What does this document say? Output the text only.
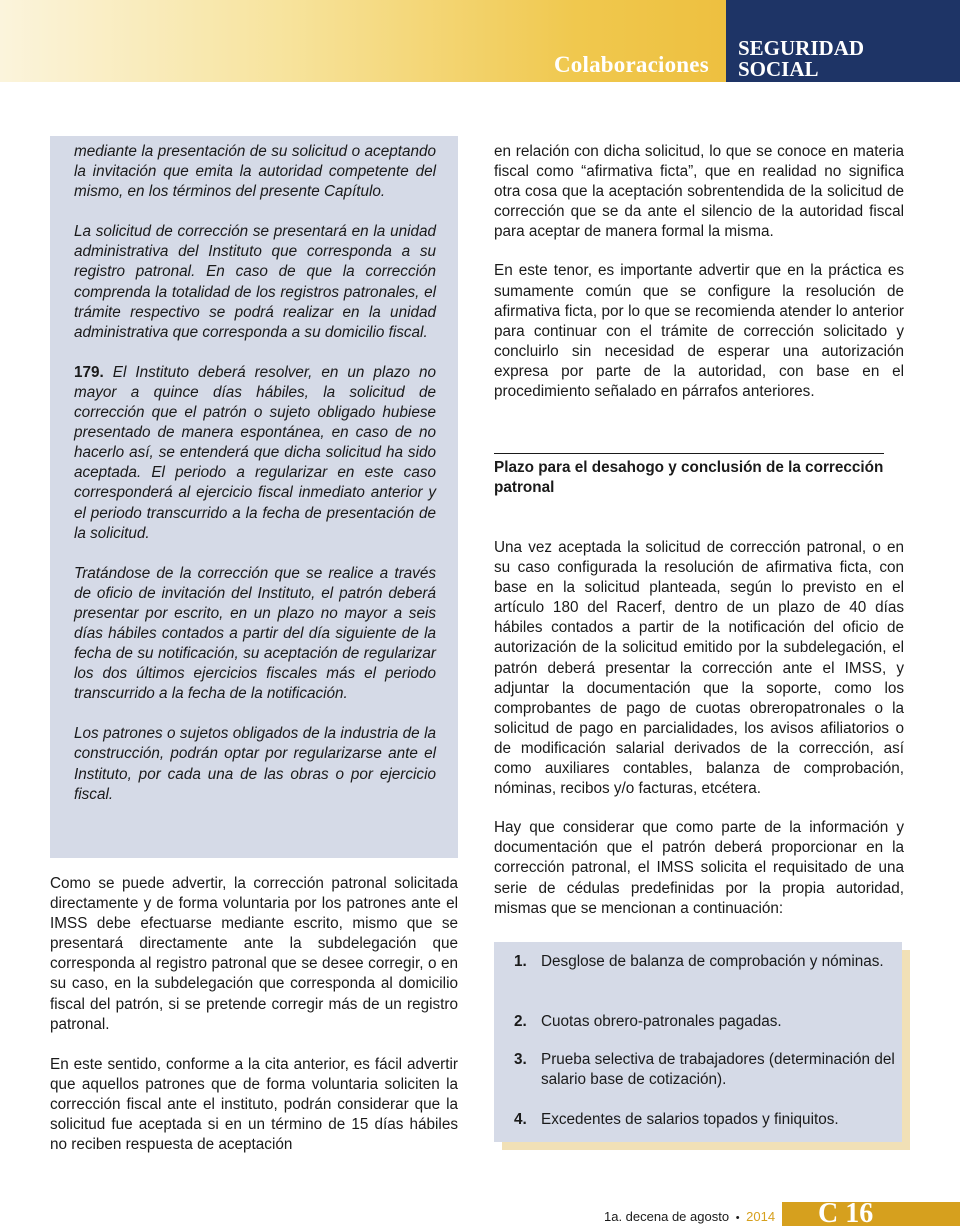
Colaboraciones
SEGURIDAD
SOCIAL

mediante la presentación de su solicitud o aceptando la invitación que emita la autoridad competente del mismo, en los términos del presente Capítulo.

La solicitud de corrección se presentará en la unidad administrativa del Instituto que corresponda a su registro patronal. En caso de que la corrección comprenda la totalidad de los registros patronales, el trámite respectivo se podrá realizar en la unidad administrativa que corresponda a su domicilio fiscal.

179. El Instituto deberá resolver, en un plazo no mayor a quince días hábiles, la solicitud de corrección que el patrón o sujeto obligado hubiese presentado de manera espontánea, en caso de no hacerlo así, se entenderá que dicha solicitud ha sido aceptada. El periodo a regularizar en este caso corresponderá al ejercicio fiscal inmediato anterior y el periodo transcurrido a la fecha de presentación de la solicitud.

Tratándose de la corrección que se realice a través de oficio de invitación del Instituto, el patrón deberá presentar por escrito, en un plazo no mayor a seis días hábiles contados a partir del día siguiente de la fecha de su notificación, su aceptación de regularizar los dos últimos ejercicios fiscales más el periodo transcurrido a la fecha de la notificación.

Los patrones o sujetos obligados de la industria de la construcción, podrán optar por regularizarse ante el Instituto, por cada una de las obras o por ejercicio fiscal.

Como se puede advertir, la corrección patronal solicitada directamente y de forma voluntaria por los patrones ante el IMSS debe efectuarse mediante escrito, mismo que se presentará directamente ante la subdelegación que corresponda al registro patronal que se desee corregir, o en su caso, en la subdelegación que corresponda al domicilio fiscal del patrón, si se pretende corregir más de un registro patronal.

En este sentido, conforme a la cita anterior, es fácil advertir que aquellos patrones que de forma voluntaria soliciten la corrección fiscal ante el instituto, podrán considerar que la solicitud fue aceptada si en un término de 15 días hábiles no reciben respuesta de aceptación

en relación con dicha solicitud, lo que se conoce en materia fiscal como “afirmativa ficta”, que en realidad no significa otra cosa que la aceptación sobrentendida de la solicitud de corrección que se da ante el silencio de la autoridad fiscal para aceptar de manera formal la misma.

En este tenor, es importante advertir que en la práctica es sumamente común que se configure la resolución de afirmativa ficta, por lo que se recomienda atender lo anterior para continuar con el trámite de corrección solicitado y concluirlo sin necesidad de esperar una autorización expresa por parte de la autoridad, con base en el procedimiento señalado en párrafos anteriores.

Plazo para el desahogo y conclusión de la corrección patronal

Una vez aceptada la solicitud de corrección patronal, o en su caso configurada la resolución de afirmativa ficta, con base en la solicitud planteada, según lo previsto en el artículo 180 del Racerf, dentro de un plazo de 40 días hábiles contados a partir de la notificación del oficio de autorización de la solicitud emitido por la subdelegación, el patrón deberá presentar la corrección ante el IMSS, y adjuntar la documentación que la soporte, como los comprobantes de pago de cuotas obreropatronales o la solicitud de pago en parcialidades, los avisos afiliatorios o de modificación salarial derivados de la corrección, así como auxiliares contables, balanza de comprobación, nóminas, recibos y/o facturas, etcétera.

Hay que considerar que como parte de la información y documentación que el patrón deberá proporcionar en la corrección patronal, el IMSS solicita el requisitado de una serie de cédulas predefinidas por la propia autoridad, mismas que se mencionan a continuación:

1. Desglose de balanza de comprobación y nóminas.
2. Cuotas obrero-patronales pagadas.
3. Prueba selectiva de trabajadores (determinación del salario base de cotización).
4. Excedentes de salarios topados y finiquitos.
1a. decena de agosto • 2014 C 16
